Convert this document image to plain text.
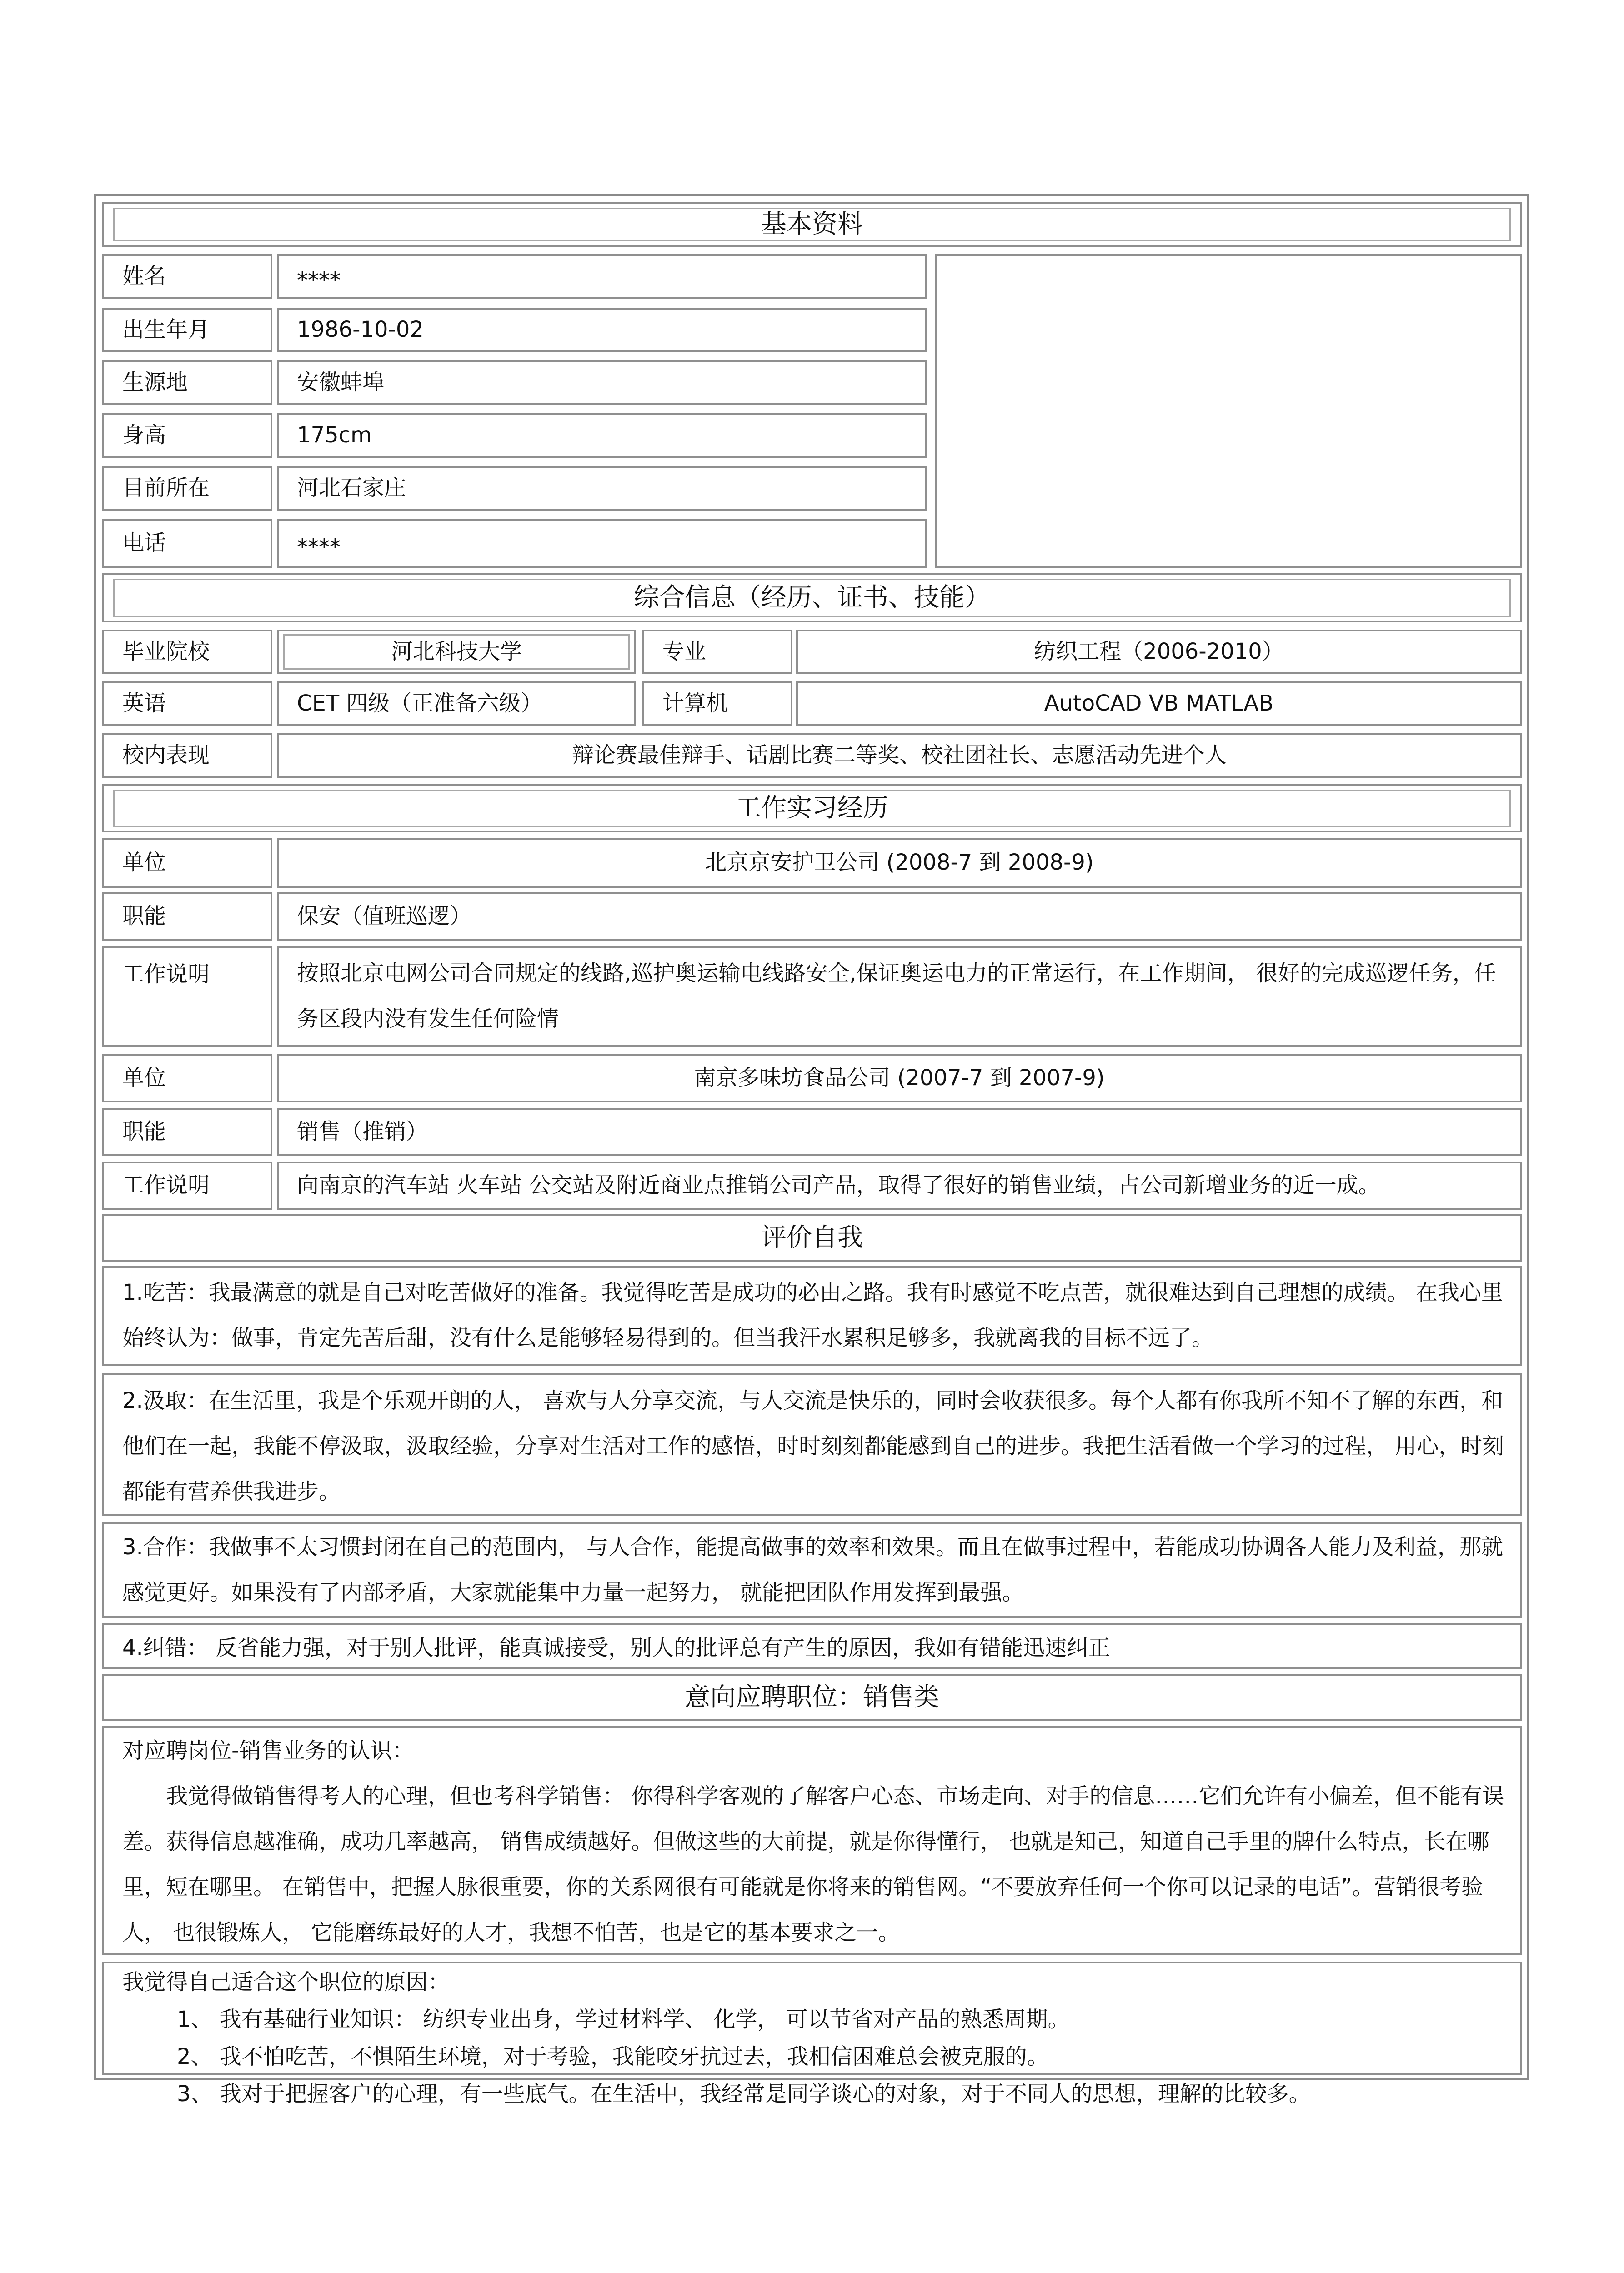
基本资料
姓名	****
出生年月	1986-10-02
生源地	安徽蚌埠
身高	175cm
目前所在	河北石家庄
电话	****
综合信息（经历、证书、技能）
毕业院校	河北科技大学	专业	纺织工程（2006-2010）
英语	CET 四级（正准备六级）	计算机	AutoCAD VB MATLAB
校内表现	辩论赛最佳辩手、话剧比赛二等奖、校社团社长、志愿活动先进个人
工作实习经历
单位	北京京安护卫公司 (2008-7 到 2008-9)
职能	保安（值班巡逻）
工作说明	按照北京电网公司合同规定的线路,巡护奥运输电线路安全,保证奥运电力的正常运行，在工作期间， 很好的完成巡逻任务，任务区段内没有发生任何险情

单位	南京多味坊食品公司 (2007-7 到 2007-9)
职能	销售（推销）
工作说明	向南京的汽车站 火车站 公交站及附近商业点推销公司产品，取得了很好的销售业绩，占公司新增业务的近一成。
评价自我

1.吃苦：我最满意的就是自己对吃苦做好的准备。我觉得吃苦是成功的必由之路。我有时感觉不吃点苦，就很难达到自己理想的成绩。 在我心里始终认为：做事，肯定先苦后甜，没有什么是能够轻易得到的。但当我汗水累积足够多，我就离我的目标不远了。

2.汲取：在生活里，我是个乐观开朗的人， 喜欢与人分享交流，与人交流是快乐的，同时会收获很多。每个人都有你我所不知不了解的东西，和他们在一起，我能不停汲取，汲取经验，分享对生活对工作的感悟，时时刻刻都能感到自己的进步。我把生活看做一个学习的过程， 用心，时刻都能有营养供我进步。

3.合作：我做事不太习惯封闭在自己的范围内， 与人合作，能提高做事的效率和效果。而且在做事过程中，若能成功协调各人能力及利益，那就感觉更好。如果没有了内部矛盾，大家就能集中力量一起努力， 就能把团队作用发挥到最强。

4.纠错： 反省能力强，对于别人批评，能真诚接受，别人的批评总有产生的原因，我如有错能迅速纠正

意向应聘职位：销售类

对应聘岗位-销售业务的认识：

我觉得做销售得考人的心理，但也考科学销售： 你得科学客观的了解客户心态、市场走向、对手的信息……它们允许有小偏差，但不能有误差。获得信息越准确，成功几率越高， 销售成绩越好。但做这些的大前提，就是你得懂行， 也就是知己，知道自己手里的牌什么特点，长在哪里，短在哪里。 在销售中，把握人脉很重要，你的关系网很有可能就是你将来的销售网。“不要放弃任何一个你可以记录的电话”。营销很考验人， 也很锻炼人， 它能磨练最好的人才，我想不怕苦，也是它的基本要求之一。

我觉得自己适合这个职位的原因：

1、 我有基础行业知识： 纺织专业出身，学过材料学、 化学， 可以节省对产品的熟悉周期。

2、 我不怕吃苦，不惧陌生环境，对于考验，我能咬牙抗过去，我相信困难总会被克服的。

3、 我对于把握客户的心理，有一些底气。在生活中，我经常是同学谈心的对象，对于不同人的思想，理解的比较多。
